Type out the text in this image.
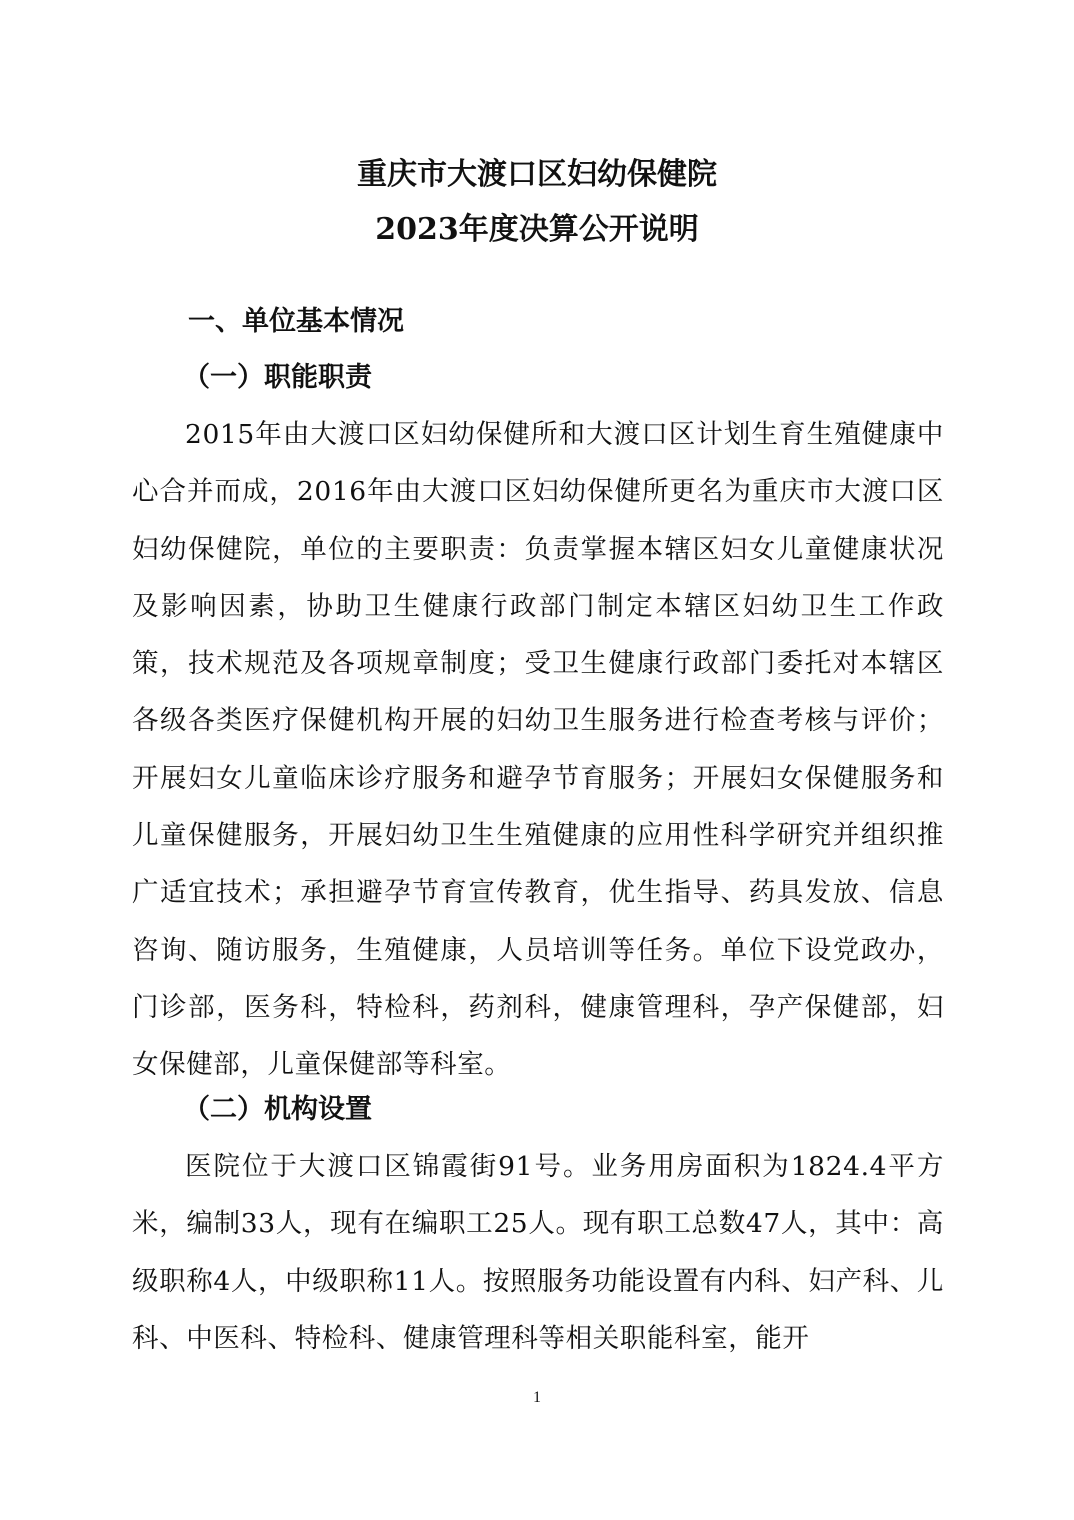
重庆市大渡口区妇幼保健院
2023年度决算公开说明
一、单位基本情况
（一）职能职责

2015年由大渡口区妇幼保健所和大渡口区计划生育生殖健康中心合并而成，2016年由大渡口区妇幼保健所更名为重庆市大渡口区妇幼保健院，单位的主要职责：负责掌握本辖区妇女儿童健康状况及影响因素，协助卫生健康行政部门制定本辖区妇幼卫生工作政策，技术规范及各项规章制度；受卫生健康行政部门委托对本辖区各级各类医疗保健机构开展的妇幼卫生服务进行检查考核与评价；开展妇女儿童临床诊疗服务和避孕节育服务；开展妇女保健服务和儿童保健服务，开展妇幼卫生生殖健康的应用性科学研究并组织推广适宜技术；承担避孕节育宣传教育，优生指导、药具发放、信息咨询、随访服务，生殖健康，人员培训等任务。单位下设党政办，门诊部，医务科，特检科，药剂科，健康管理科，孕产保健部，妇女保健部，儿童保健部等科室。

（二）机构设置

医院位于大渡口区锦霞街91号。业务用房面积为1824.4平方米，编制33人，现有在编职工25人。现有职工总数47人，其中：高级职称4人，中级职称11人。按照服务功能设置有内科、妇产科、儿科、中医科、特检科、健康管理科等相关职能科室，能开

1
